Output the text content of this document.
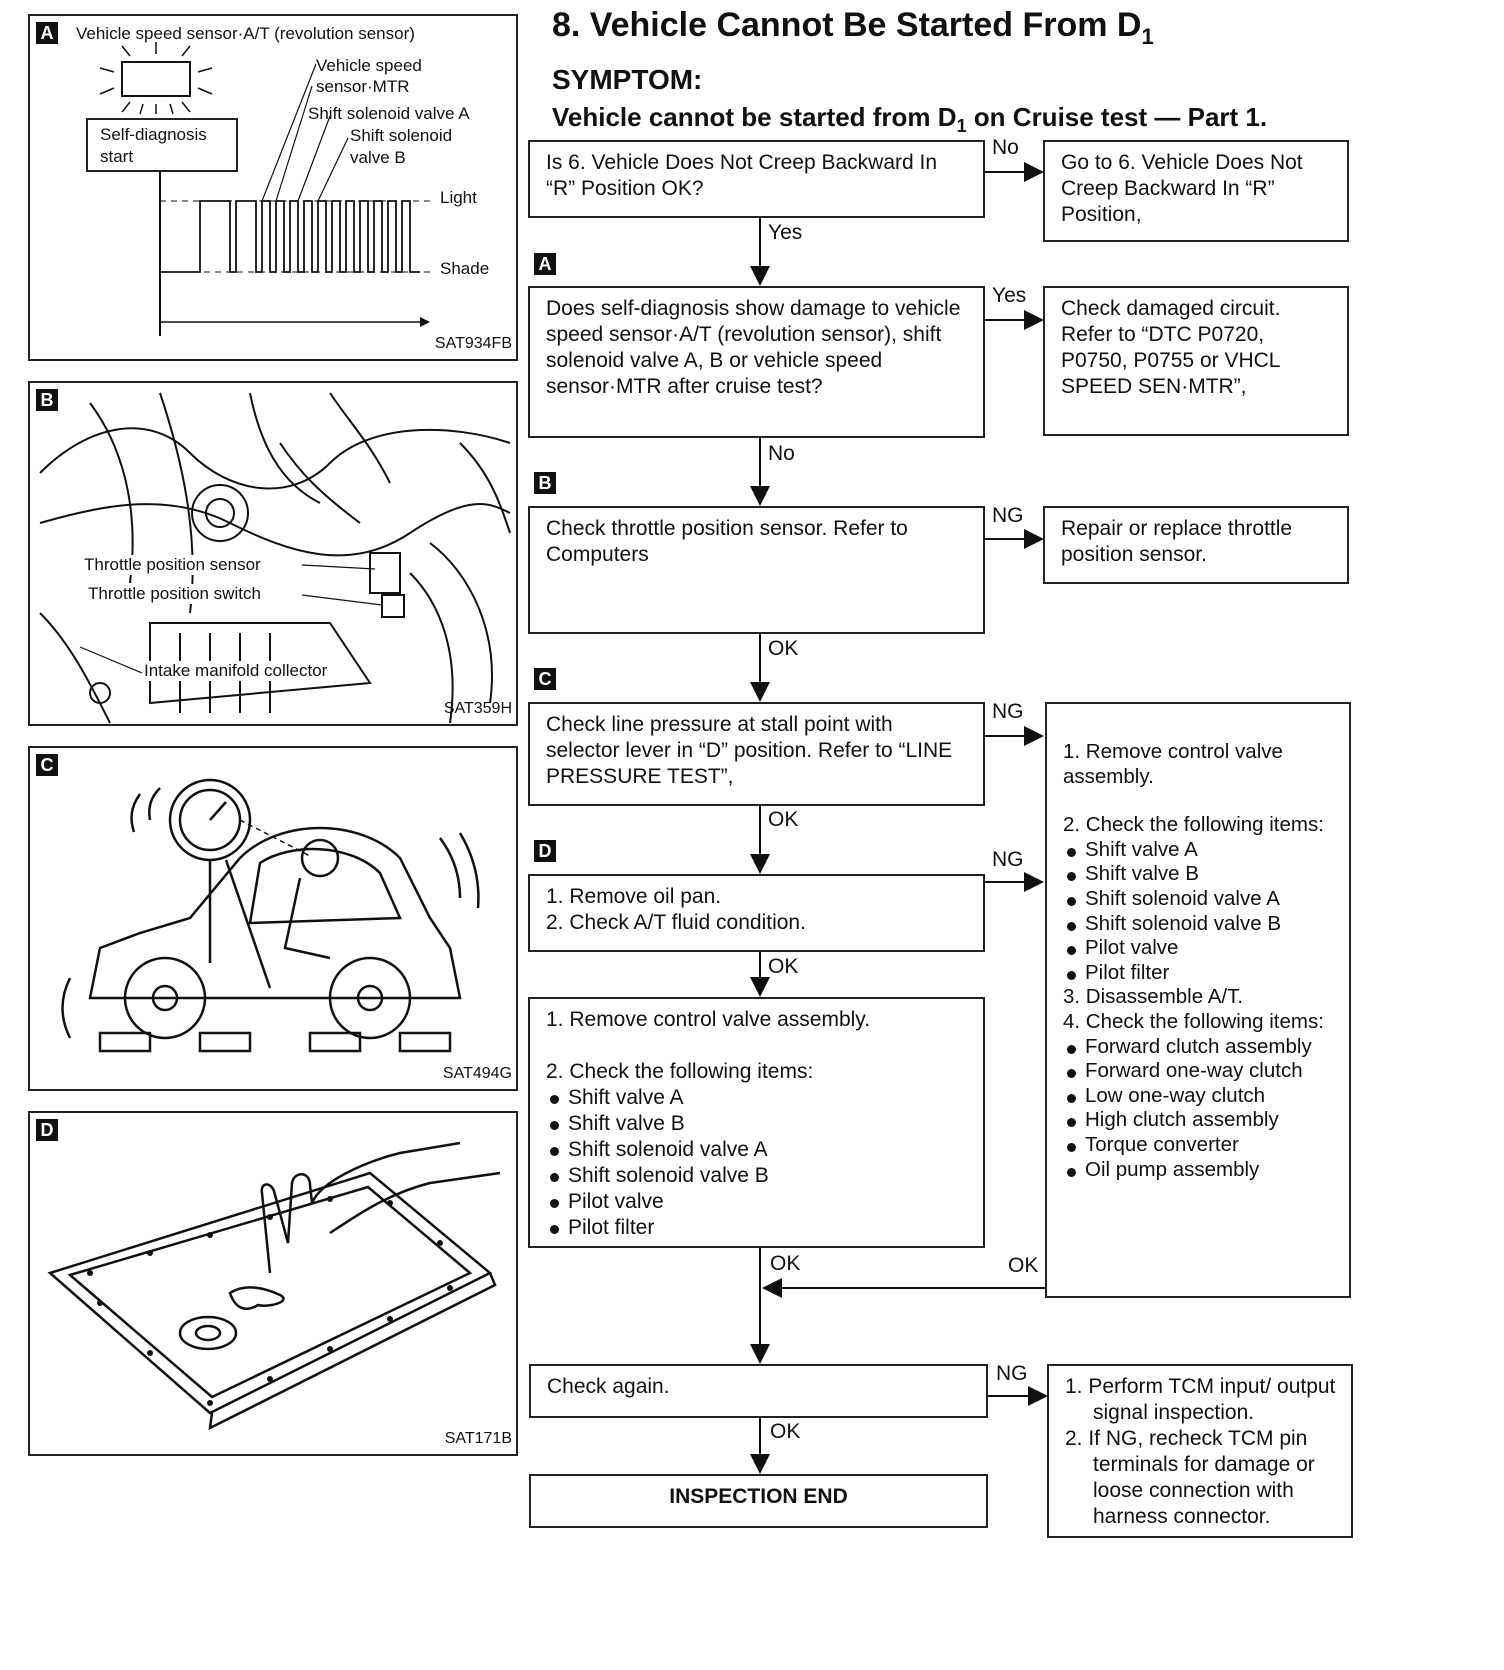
A Vehicle speed sensor·A/T (revolution sensor)
Vehicle speed
sensor·MTR
Shift solenoid valve A
Shift solenoid
valve B
Self-diagnosis
start
Light
Shade
SAT934FB
B
Throttle position sensor
Throttle position switch
Intake manifold collector
SAT359H
C
SAT494G
D
SAT171B
8. Vehicle Cannot Be Started From $D_1$
SYMPTOM:
Vehicle cannot be started from $D_1$ on Cruise test — Part 1.
Is 6. Vehicle Does Not Creep Backward In “R” Position OK?
No
Go to 6. Vehicle Does Not Creep Backward In “R” Position,
Yes
A
Does self-diagnosis show damage to vehicle speed sensor·A/T (revolution sensor), shift solenoid valve A, B or vehicle speed sensor·MTR after cruise test?
Yes
Check damaged circuit. Refer to “DTC P0720, P0750, P0755 or VHCL SPEED SEN·MTR”,
No
B
Check throttle position sensor. Refer to Computers
NG
Repair or replace throttle position sensor.
OK
C
Check line pressure at stall point with selector lever in “D” position. Refer to “LINE PRESSURE TEST”,
NG
OK
D
1. Remove oil pan.
2. Check A/T fluid condition.
NG
OK
1. Remove control valve assembly.
2. Check the following items:
Shift valve A
Shift valve B
Shift solenoid valve A
Shift solenoid valve B
Pilot valve
Pilot filter
OK
1. Remove control valve assembly.
2. Check the following items:
Shift valve A
Shift valve B
Shift solenoid valve A
Shift solenoid valve B
Pilot valve
Pilot filter
3. Disassemble A/T.
4. Check the following items:
Forward clutch assembly
Forward one-way clutch
Low one-way clutch
High clutch assembly
Torque converter
Oil pump assembly
OK
Check again.
NG
1. Perform TCM input/ output signal inspection.
2. If NG, recheck TCM pin terminals for damage or loose connection with harness connector.
OK
INSPECTION END
